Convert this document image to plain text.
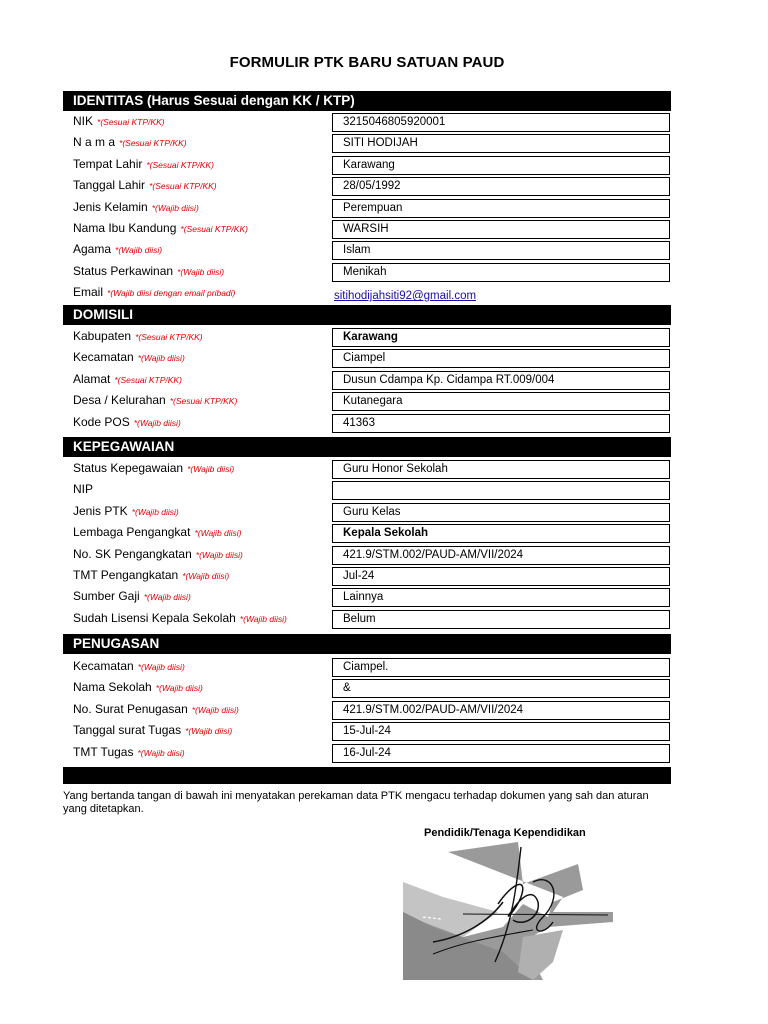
FORMULIR PTK BARU SATUAN PAUD
IDENTITAS (Harus Sesuai dengan KK / KTP)
NIK *(Sesuai KTP/KK)	3215046805920001
N a m a *(Sesuai KTP/KK)	SITI HODIJAH
Tempat Lahir *(Sesuai KTP/KK)	Karawang
Tanggal Lahir *(Sesuai KTP/KK)	28/05/1992
Jenis Kelamin *(Wajib diisi)	Perempuan
Nama Ibu Kandung *(Sesuai KTP/KK)	WARSIH
Agama *(Wajib diisi)	Islam
Status Perkawinan *(Wajib diisi)	Menikah
Email *(Wajib diisi dengan email pribadi)	sitihodijahsiti92@gmail.com
DOMISILI
Kabupaten *(Sesuai KTP/KK)	Karawang
Kecamatan *(Wajib diisi)	Ciampel
Alamat *(Sesuai KTP/KK)	Dusun Cdampa Kp. Cidampa RT.009/004
Desa / Kelurahan *(Sesuai KTP/KK)	Kutanegara
Kode POS *(Wajib diisi)	41363
KEPEGAWAIAN
Status Kepegawaian *(Wajib diisi)	Guru Honor Sekolah
NIP
Jenis PTK *(Wajib diisi)	Guru Kelas
Lembaga Pengangkat *(Wajib diisi)	Kepala Sekolah
No. SK Pengangkatan *(Wajib diisi)	421.9/STM.002/PAUD-AM/VII/2024
TMT Pengangkatan *(Wajib diisi)	Jul-24
Sumber Gaji *(Wajib diisi)	Lainnya
Sudah Lisensi Kepala Sekolah *(Wajib diisi)	Belum
PENUGASAN
Kecamatan *(Wajib diisi)	Ciampel.
Nama Sekolah *(Wajib diisi)	&
No. Surat Penugasan *(Wajib diisi)	421.9/STM.002/PAUD-AM/VII/2024
Tanggal surat Tugas *(Wajib diisi)	15-Jul-24
TMT Tugas *(Wajib diisi)	16-Jul-24
Yang bertanda tangan di bawah ini menyatakan perekaman data PTK mengacu terhadap dokumen yang sah dan aturan yang ditetapkan.
Pendidik/Tenaga Kependidikan
